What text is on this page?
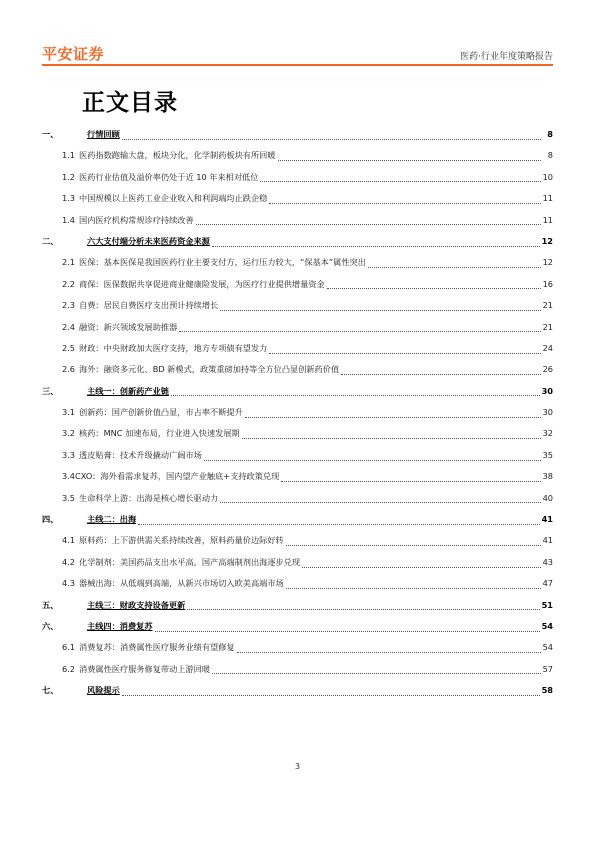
平安证券	医药·行业年度策略报告
正文目录
一、	行情回顾	8
1.1 医药指数跑输大盘，板块分化，化学制药板块有所回暖	8
1.2 医药行业估值及溢价率仍处于近 10 年来相对低位	10
1.3 中国规模以上医药工业企业收入和利润端均止跌企稳	11
1.4 国内医疗机构常规诊疗持续改善	11
二、	六大支付端分析未来医药资金来源	12
2.1 医保：基本医保是我国医药行业主要支付方，运行压力较大，“保基本”属性突出	12
2.2 商保：医保数据共享促进商业健康险发展，为医疗行业提供增量资金	16
2.3 自费：居民自费医疗支出预计持续增长	21
2.4 融资：新兴领域发展助推器	21
2.5 财政：中央财政加大医疗支持，地方专项债有望发力	24
2.6 海外：融资多元化、BD 新模式，政策重磅加持等全方位凸显创新药价值	26
三、	主线一：创新药产业链	30
3.1 创新药：国产创新价值凸显，市占率不断提升	30
3.2 核药：MNC 加速布局，行业进入快速发展期	32
3.3 透皮贴膏：技术升级撬动广阔市场	35
3.4 CXO：海外看需求复苏，国内望产业触底+支持政策兑现	38
3.5 生命科学上游：出海是核心增长驱动力	40
四、	主线二：出海	41
4.1 原料药：上下游供需关系持续改善，原料药量价边际好转	41
4.2 化学制剂：美国药品支出水平高，国产高端制剂出海逐步兑现	43
4.3 器械出海：从低端到高端，从新兴市场切入欧美高端市场	47
五、	主线三：财政支持设备更新	51
六、	主线四：消费复苏	54
6.1 消费复苏：消费属性医疗服务业绩有望修复	54
6.2 消费属性医疗服务修复带动上游回暖	57
七、	风险提示	58
3
